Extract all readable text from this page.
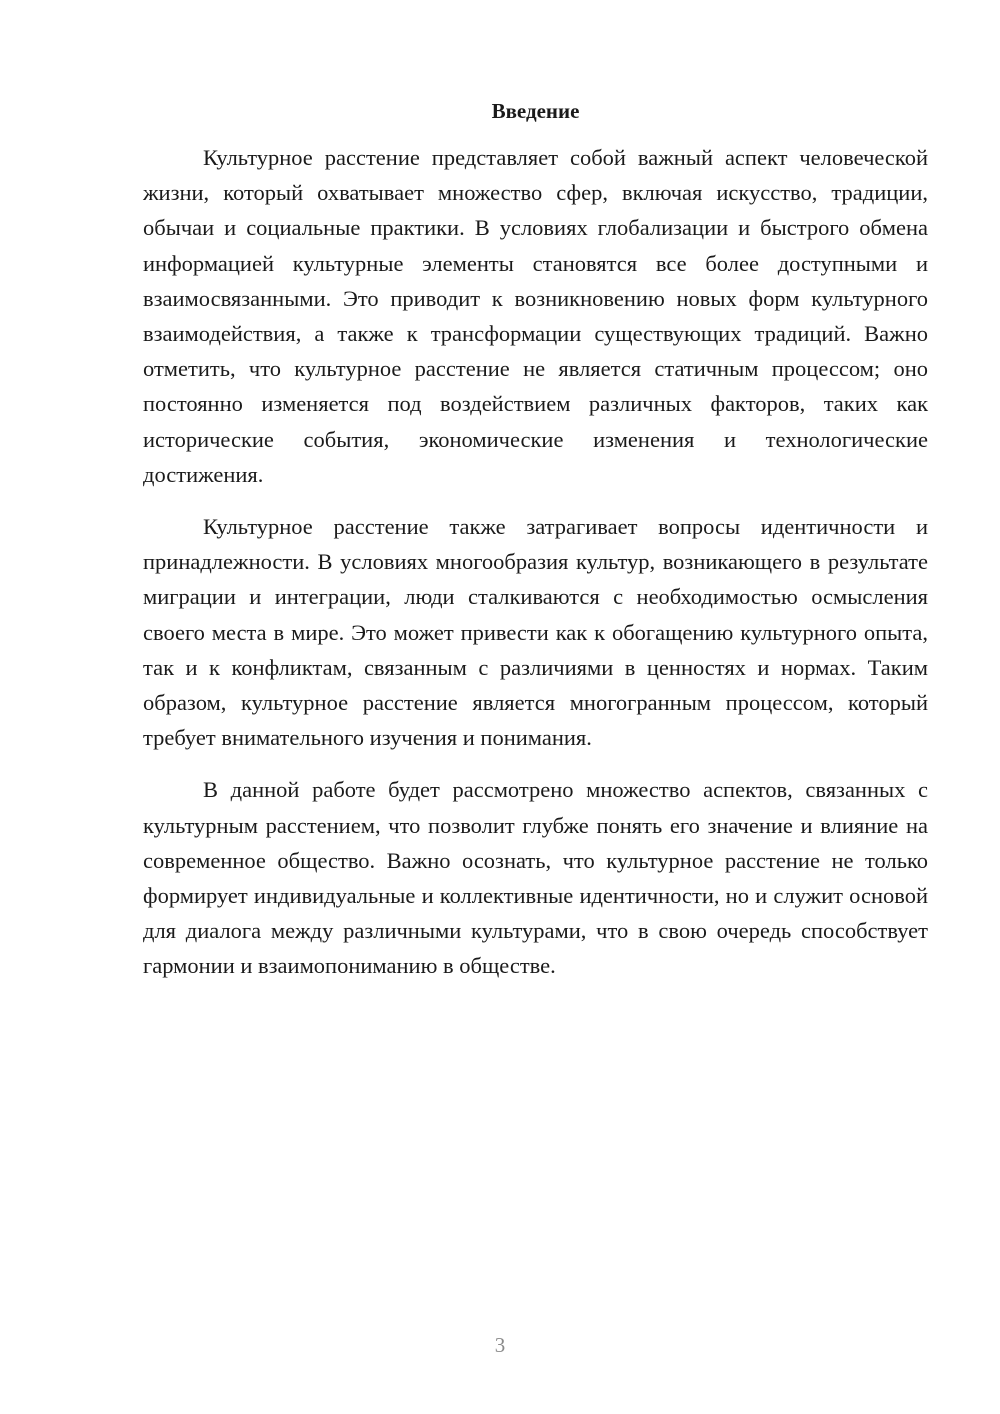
Введение

Культурное расстение представляет собой важный аспект человеческой жизни, который охватывает множество сфер, включая искусство, традиции, обычаи и социальные практики. В условиях глобализации и быстрого обмена информацией культурные элементы становятся все более доступными и взаимосвязанными. Это приводит к возникновению новых форм культурного взаимодействия, а также к трансформации существующих традиций. Важно отметить, что культурное расстение не является статичным процессом; оно постоянно изменяется под воздействием различных факторов, таких как исторические события, экономические изменения и технологические достижения.

Культурное расстение также затрагивает вопросы идентичности и принадлежности. В условиях многообразия культур, возникающего в результате миграции и интеграции, люди сталкиваются с необходимостью осмысления своего места в мире. Это может привести как к обогащению культурного опыта, так и к конфликтам, связанным с различиями в ценностях и нормах. Таким образом, культурное расстение является многогранным процессом, который требует внимательного изучения и понимания.

В данной работе будет рассмотрено множество аспектов, связанных с культурным расстением, что позволит глубже понять его значение и влияние на современное общество. Важно осознать, что культурное расстение не только формирует индивидуальные и коллективные идентичности, но и служит основой для диалога между различными культурами, что в свою очередь способствует гармонии и взаимопониманию в обществе.

3
